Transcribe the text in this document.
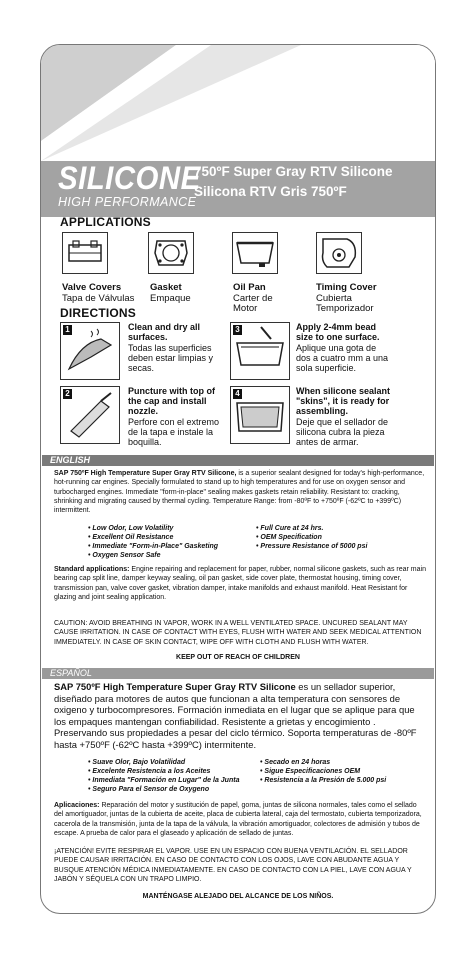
SILICONE
HIGH PERFORMANCE
750ºF Super Gray RTV Silicone
Silicona RTV Gris 750ºF
APPLICATIONS
Valve Covers
Tapa de Válvulas
Gasket
Empaque
Oil Pan
Carter de Motor
Timing Cover
Cubierta Temporizador
DIRECTIONS
1	Clean and dry all surfaces.
Todas las superficies deben estar limpias y secas.
3	Apply 2-4mm bead size to one surface.
Aplique una gota de dos a cuatro mm a una sola superficie.
2	Puncture with top of the cap and install nozzle.
Perfore con el extremo de la tapa e instale la boquilla.
4	When silicone sealant "skins", it is ready for assembling.
Deje que el sellador de silicona cubra la pieza antes de armar.
ENGLISH
SAP 750ºF High Temperature Super Gray RTV Silicone, is a superior sealant designed for today's high-performance, hot-running car engines. Specially formulated to stand up to high temperatures and for use on oxygen sensor and turbocharged engines. Immediate "form-in-place" sealing makes gaskets retain reliability. Resistant to: cracking, shrinking and migrating caused by thermal cycling. Temperature Range: from -80ºF to +750ºF (-62ºC to +399ºC) intermittent.
• Low Odor, Low Volatility
• Excellent Oil Resistance
• Immediate "Form-in-Place" Gasketing
• Oxygen Sensor Safe
• Full Cure at 24 hrs.
• OEM Specification
• Pressure Resistance of 5000 psi
Standard applications: Engine repairing and replacement for paper, rubber, normal silicone gaskets, such as rear main bearing cap split line, damper keyway sealing, oil pan gasket, side cover plate, thermostat housing, timing cover, transmission pan, valve cover gasket, vibration damper, intake manifolds and exhaust manifold. Heat Resistant for glazing and joint sealing application.
CAUTION: AVOID BREATHING IN VAPOR, WORK IN A WELL VENTILATED SPACE. UNCURED SEALANT MAY CAUSE IRRITATION. IN CASE OF CONTACT WITH EYES, FLUSH WITH WATER AND SEEK MEDICAL ATTENTION IMMEDIATELY. IN CASE OF SKIN CONTACT, WIPE OFF WITH CLOTH AND FLUSH WITH WATER.
KEEP OUT OF REACH OF CHILDREN
ESPAÑOL
SAP 750ºF High Temperature Super Gray RTV Silicone es un sellador superior, diseñado para motores de autos que funcionan a alta temperatura con sensores de oxigeno y turbocompresores. Formación inmediata en el lugar que se aplique para que los empaques mantengan confiabilidad. Resistente a grietas y encogimiento . Preservando sus propiedades a pesar del ciclo térmico. Soporta temperaturas de -80ºF hasta +750ºF (-62ºC hasta +399ºC) intermitente.
• Suave Olor, Bajo Volatilidad
• Excelente Resistencia a los Aceites
• Inmediata "Formación en Lugar" de la Junta
• Seguro Para el Sensor de Oxygeno
• Secado en 24 horas
• Sigue Especificaciones OEM
• Resistencia a la Presión de 5.000 psi
Aplicaciones: Reparación del motor y sustitución de papel, goma, juntas de silicona normales, tales como el sellado del amortiguador, juntas de la cubierta de aceite, placa de cubierta lateral, caja del termostato, cubierta temporizadora, cacerola de la transmisión, junta de la tapa de la válvula, la vibración amortiguador, colectores de admisión y tubos de escape. A prueba de calor para el glaseado y aplicación de sellado de juntas.
¡ATENCIÓN! EVITE RESPIRAR EL VAPOR. USE EN UN ESPACIO CON BUENA VENTILACIÓN. EL SELLADOR PUEDE CAUSAR IRRITACIÓN. EN CASO DE CONTACTO CON LOS OJOS, LAVE CON ABUDANTE AGUA Y BUSQUE ATENCIÓN MÉDICA INMEDIATAMENTE. EN CASO DE CONTACTO CON LA PIEL, LAVE CON AGUA Y JABÓN Y SÉQUELA CON UN TRAPO LIMPIO.
MANTÉNGASE ALEJADO DEL ALCANCE DE LOS NIÑOS.
